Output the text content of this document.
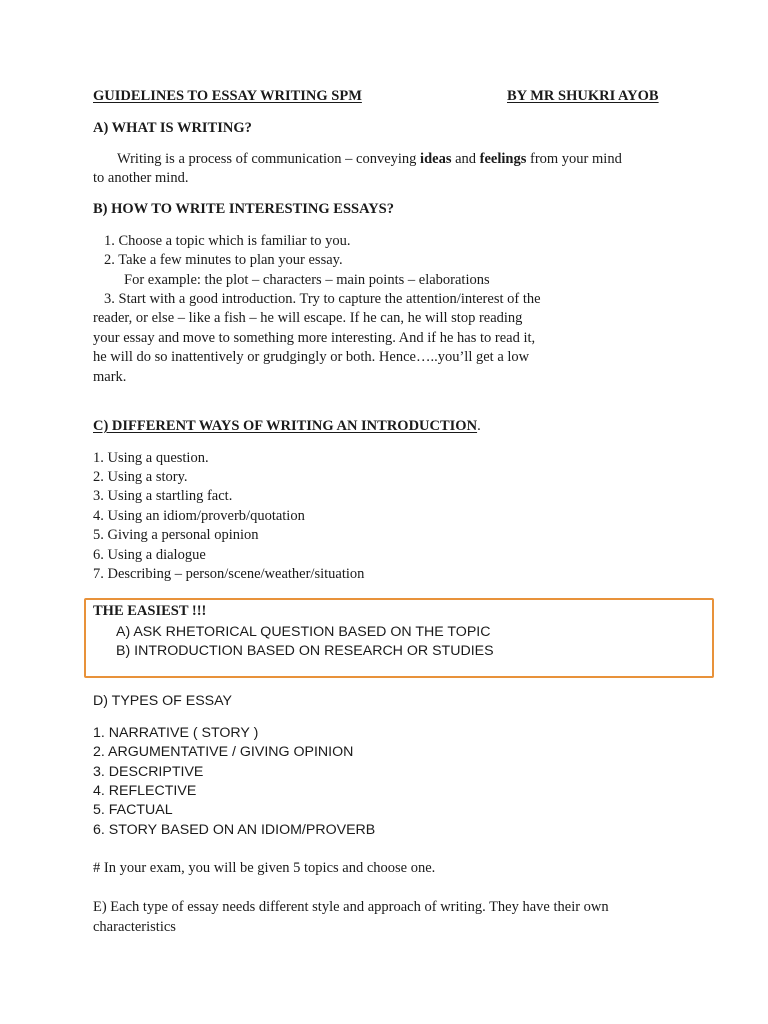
GUIDELINES TO ESSAY WRITING SPM	BY MR SHUKRI AYOB
A) WHAT IS WRITING?
Writing is a process of communication – conveying ideas and feelings from your mind
to another mind.
B) HOW TO WRITE INTERESTING ESSAYS?
1. Choose a topic which is familiar to you.
2. Take a few minutes to plan your essay.
For example: the plot – characters – main points – elaborations
3. Start with a good introduction. Try to capture the attention/interest of the
reader, or else – like a fish – he will escape. If he can, he will stop reading
your essay and move to something more interesting. And if he has to read it,
he will do so inattentively or grudgingly or both. Hence…..you’ll get a low
mark.
C) DIFFERENT WAYS OF WRITING AN INTRODUCTION.
1. Using a question.
2. Using a story.
3. Using a startling fact.
4. Using an idiom/proverb/quotation
5. Giving a personal opinion
6. Using a dialogue
7. Describing – person/scene/weather/situation
THE EASIEST !!!
A) ASK RHETORICAL QUESTION BASED ON THE TOPIC
B) INTRODUCTION BASED ON RESEARCH OR STUDIES
D) TYPES OF ESSAY
1. NARRATIVE ( STORY )
2. ARGUMENTATIVE / GIVING OPINION
3. DESCRIPTIVE
4. REFLECTIVE
5. FACTUAL
6. STORY BASED ON AN IDIOM/PROVERB
# In your exam, you will be given 5 topics and choose one.
E) Each type of essay needs different style and approach of writing. They have their own
characteristics
